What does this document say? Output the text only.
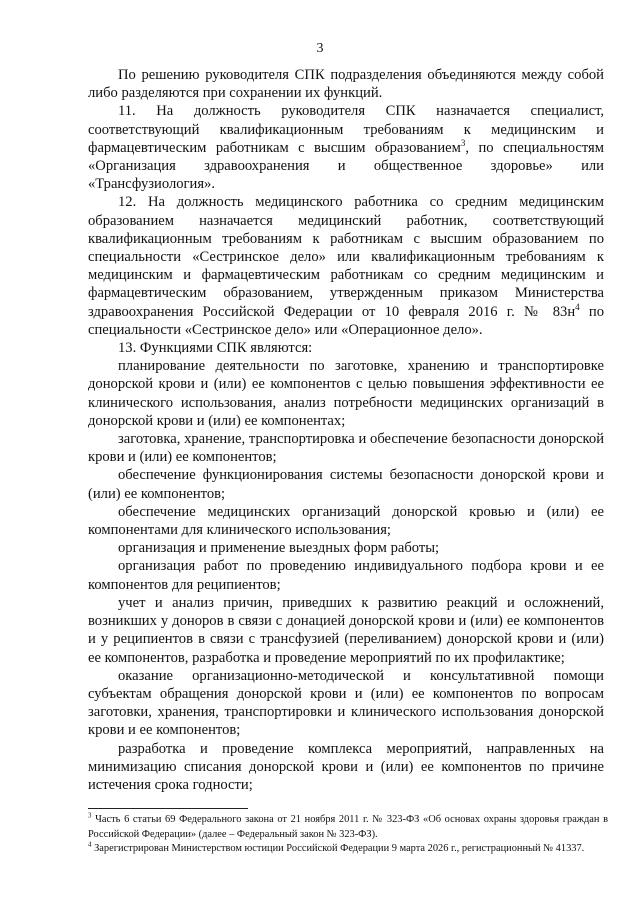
3

По решению руководителя СПК подразделения объединяются между собой либо разделяются при сохранении их функций.

11. На должность руководителя СПК назначается специалист, соответствующий квалификационным требованиям к медицинским и фармацевтическим работникам с высшим образованием$^3$, по специальностям «Организация здравоохранения и общественное здоровье» или «Трансфузиология».

12. На должность медицинского работника со средним медицинским образованием назначается медицинский работник, соответствующий квалификационным требованиям к работникам с высшим образованием по специальности «Сестринское дело» или квалификационным требованиям к медицинским и фармацевтическим работникам со средним медицинским и фармацевтическим образованием, утвержденным приказом Министерства здравоохранения Российской Федерации от 10 февраля 2016 г. № $83н^4$ по специальности «Сестринское дело» или «Операционное дело».

13. Функциями СПК являются:

планирование деятельности по заготовке, хранению и транспортировке донорской крови и (или) ее компонентов с целью повышения эффективности ее клинического использования, анализ потребности медицинских организаций в донорской крови и (или) ее компонентах;

заготовка, хранение, транспортировка и обеспечение безопасности донорской крови и (или) ее компонентов;

обеспечение функционирования системы безопасности донорской крови и (или) ее компонентов;

обеспечение медицинских организаций донорской кровью и (или) ее компонентами для клинического использования;

организация и применение выездных форм работы;

организация работ по проведению индивидуального подбора крови и ее компонентов для реципиентов;

учет и анализ причин, приведших к развитию реакций и осложнений, возникших у доноров в связи с донацией донорской крови и (или) ее компонентов и у реципиентов в связи с трансфузией (переливанием) донорской крови и (или) ее компонентов, разработка и проведение мероприятий по их профилактике;

оказание организационно-методической и консультативной помощи субъектам обращения донорской крови и (или) ее компонентов по вопросам заготовки, хранения, транспортировки и клинического использования донорской крови и ее компонентов;

разработка и проведение комплекса мероприятий, направленных на минимизацию списания донорской крови и (или) ее компонентов по причине истечения срока годности;

$^3$ Часть 6 статьи 69 Федерального закона от 21 ноября 2011 г. № 323-ФЗ «Об основах охраны здоровья граждан в Российской Федерации» (далее – Федеральный закон № 323-ФЗ).

$^4$ Зарегистрирован Министерством юстиции Российской Федерации 9 марта 2026 г., регистрационный № 41337.
